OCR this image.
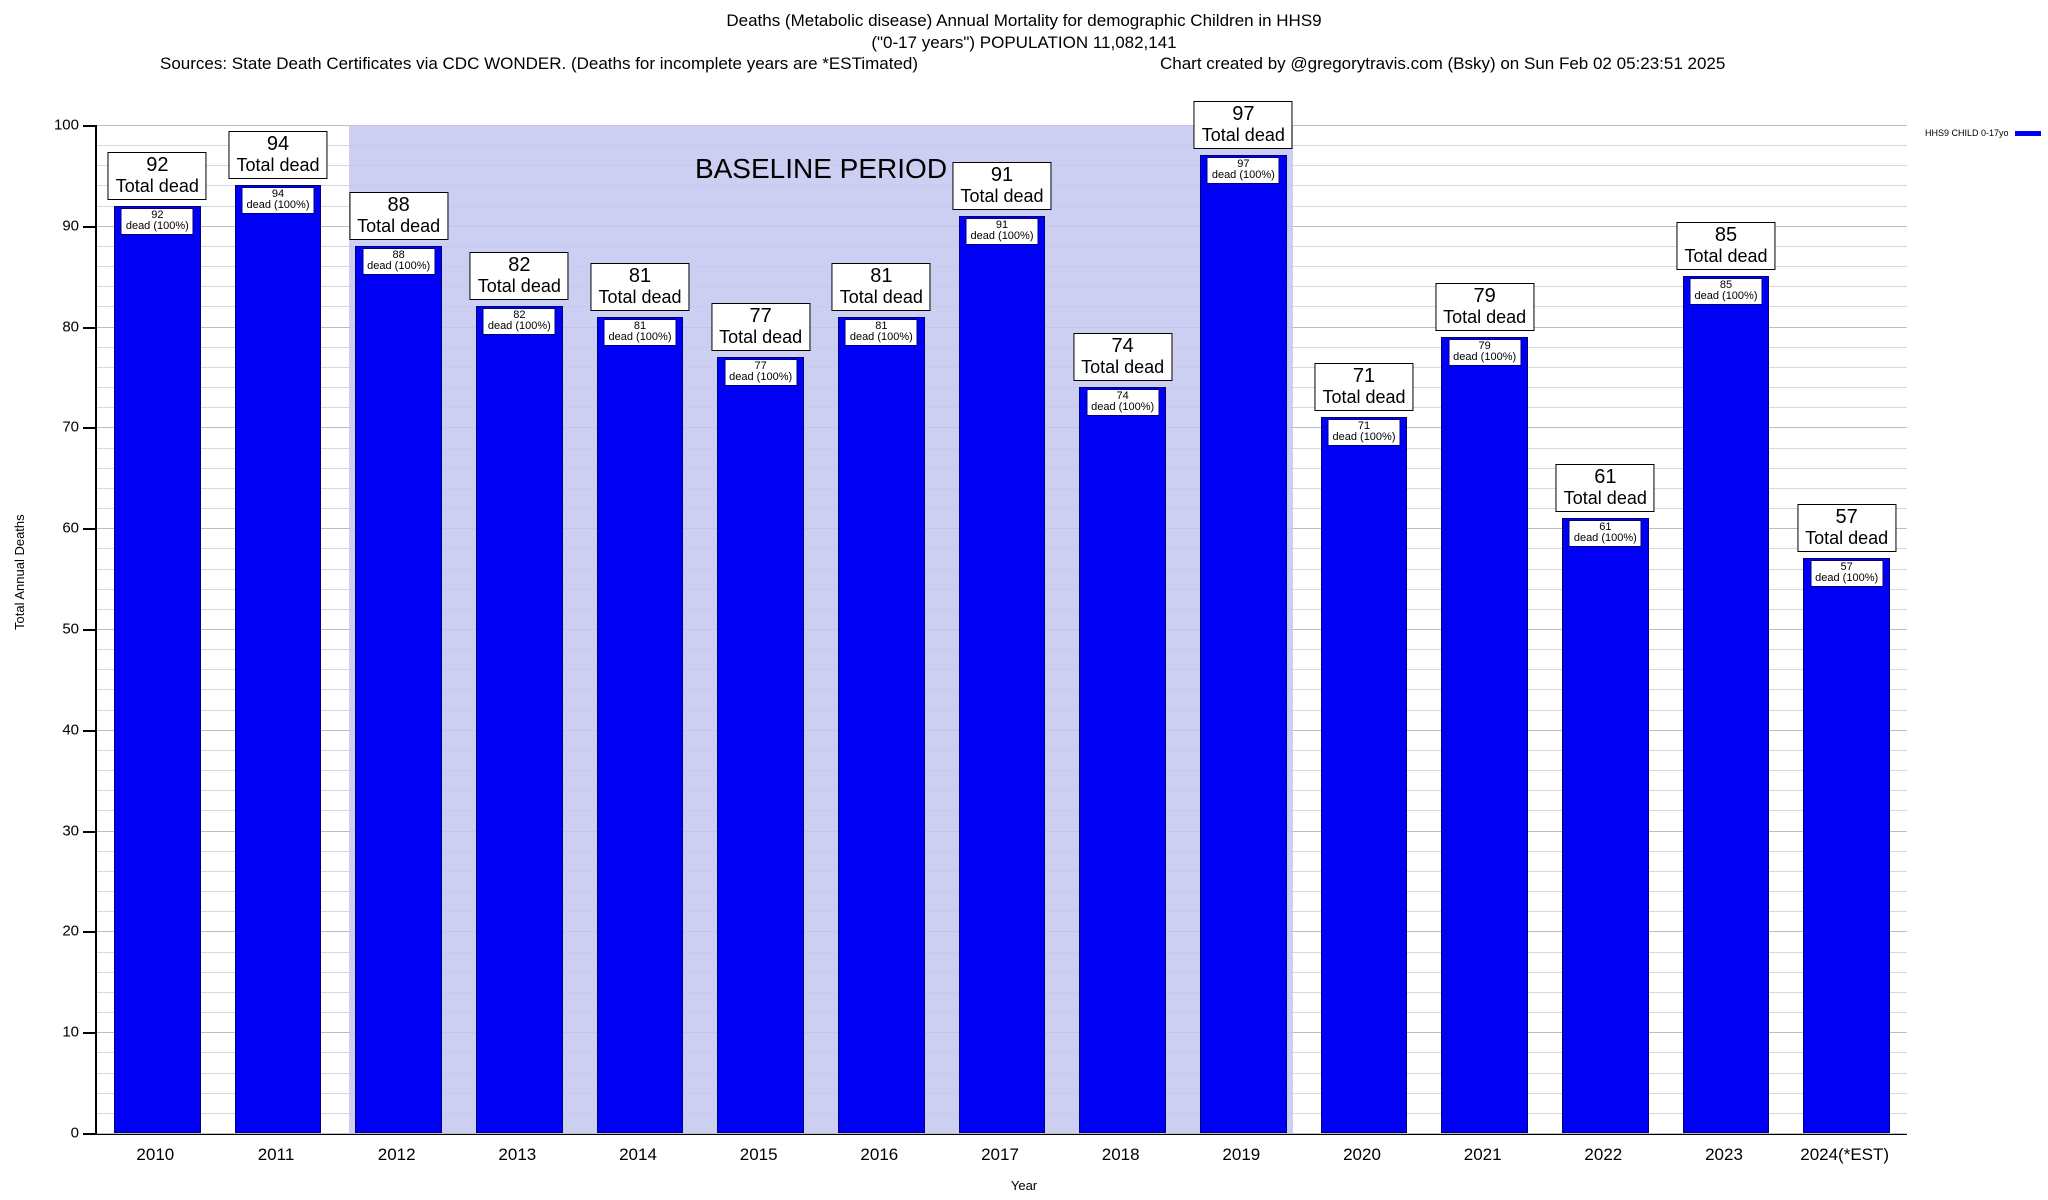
Deaths (Metabolic disease) Annual Mortality for demographic Children in HHS9
("0-17 years") POPULATION 11,082,141

Sources: State Death Certificates via CDC WONDER. (Deaths for incomplete years are *ESTimated)

	Chart created by @gregorytravis.com (Bsky) on Sun Feb 02 05:23:51 2025

HHS9 CHILD 0-17yo
Total Annual Deaths
Year
BASELINE PERIOD
92
dead (100%)
92
Total dead	94
dead (100%)
94
Total dead
88
dead (100%)
88
Total dead
82
dead (100%)
82
Total dead
81
dead (100%)
81
Total dead
77
dead (100%)
77
Total dead
81
dead (100%)
81
Total dead
91
dead (100%)
91
Total dead
74
dead (100%)
74
Total dead
97
dead (100%)
97
Total dead
71
dead (100%)
71
Total dead
79
dead (100%)
79
Total dead
61
dead (100%)
61
Total dead
85
dead (100%)
85
Total dead
57
dead (100%)
57
Total dead
0
10
20
30
40
50
60
70
80
90
100
2010	2011	2012	2013	2014	2015	2016	2017	2018	2019	2020	2021	2022	2023	2024(*EST)
